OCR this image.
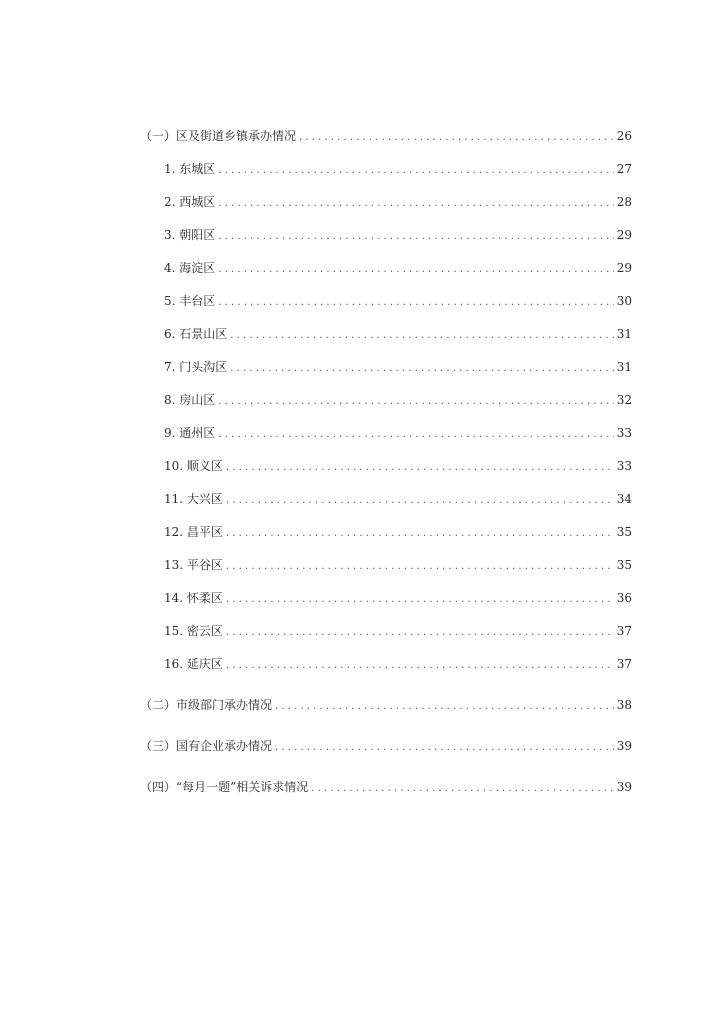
（一）区及街道乡镇承办情况 . . .	26
1. 东城区 . . .	27
2. 西城区 . . .	28
3. 朝阳区 . . .	29
4. 海淀区 . . .	29
5. 丰台区 . . .	30
6. 石景山区 . . .	31
7. 门头沟区 . . .	31
8. 房山区 . . .	32
9. 通州区 . . .	33
10. 顺义区 . . .	33
11. 大兴区 . . .	34
12. 昌平区 . . .	35
13. 平谷区 . . .	35
14. 怀柔区 . . .	36
15. 密云区 . . .	37
16. 延庆区 . . .	37
（二）市级部门承办情况 . . .	38
（三）国有企业承办情况 . . .	39
（四）“每月一题”相关诉求情况 . . .	39
